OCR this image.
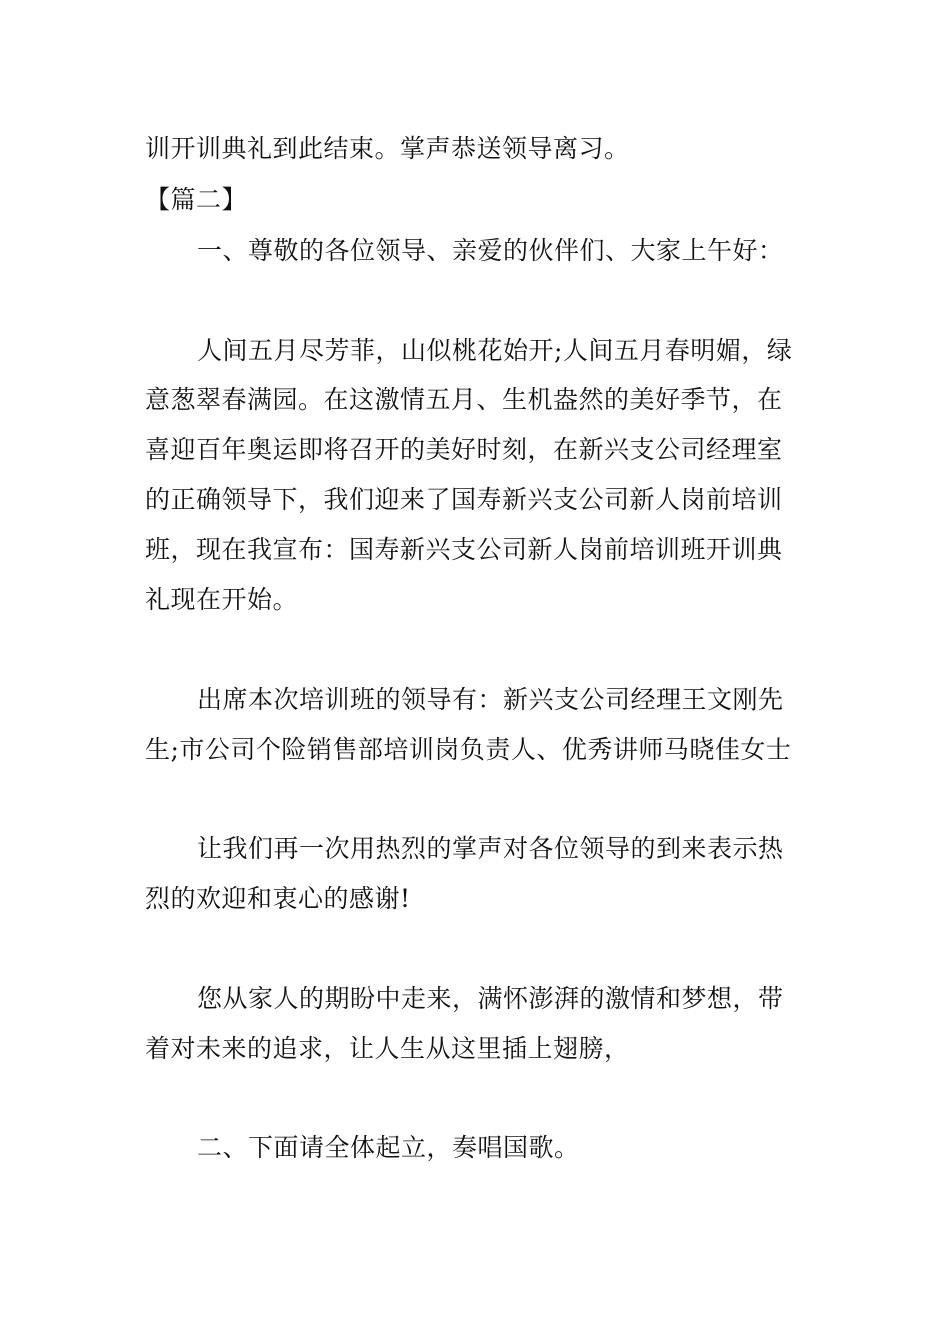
训开训典礼到此结束。掌声恭送领导离习。
【篇二】
一、尊敬的各位领导、亲爱的伙伴们、大家上午好：
人间五月尽芳菲，山似桃花始开;人间五月春明媚，绿
意葱翠春满园。在这激情五月、生机盎然的美好季节，在
喜迎百年奥运即将召开的美好时刻，在新兴支公司经理室
的正确领导下，我们迎来了国寿新兴支公司新人岗前培训
班，现在我宣布：国寿新兴支公司新人岗前培训班开训典
礼现在开始。
出席本次培训班的领导有：新兴支公司经理王文刚先
生;市公司个险销售部培训岗负责人、优秀讲师马晓佳女士
让我们再一次用热烈的掌声对各位领导的到来表示热
烈的欢迎和衷心的感谢!
您从家人的期盼中走来，满怀澎湃的激情和梦想，带
着对未来的追求，让人生从这里插上翅膀，
二、下面请全体起立，奏唱国歌。
